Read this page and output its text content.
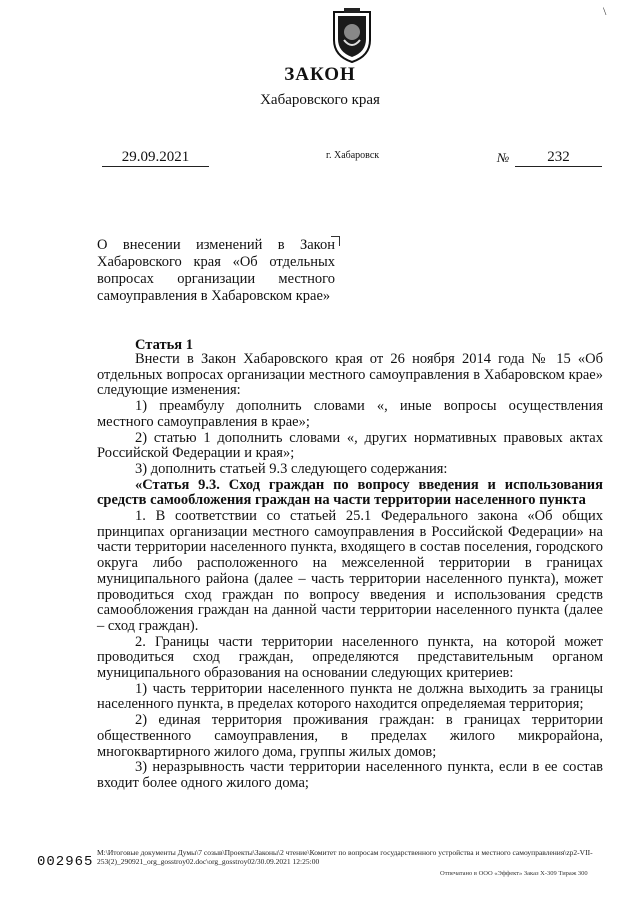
\
ЗАКОН
Хабаровского края
29.09.2021	г. Хабаровск	№	232
О внесении изменений в Закон Хабаровского края «Об отдельных вопросах организации местного самоуправления в Хабаровском крае»
Статья 1

Внести в Закон Хабаровского края от 26 ноября 2014 года № 15 «Об отдельных вопросах организации местного самоуправления в Хабаровском крае» следующие изменения:

1) преамбулу дополнить словами «, иные вопросы осуществления местного самоуправления в крае»;

2) статью 1 дополнить словами «, других нормативных правовых актах Российской Федерации и края»;

3) дополнить статьей 9.3 следующего содержания:

«Статья 9.3. Сход граждан по вопросу введения и использования средств самообложения граждан на части территории населенного пункта

1. В соответствии со статьей 25.1 Федерального закона «Об общих принципах организации местного самоуправления в Российской Федерации» на части территории населенного пункта, входящего в состав поселения, городского округа либо расположенного на межселенной территории в границах муниципального района (далее – часть территории населенного пункта), может проводиться сход граждан по вопросу введения и использования средств самообложения граждан на данной части территории населенного пункта (далее – сход граждан).

2. Границы части территории населенного пункта, на которой может проводиться сход граждан, определяются представительным органом муниципального образования на основании следующих критериев:

1) часть территории населенного пункта не должна выходить за границы населенного пункта, в пределах которого находится определяемая территория;

2) единая территория проживания граждан: в границах территории общественного самоуправления, в пределах жилого микрорайона, многоквартирного жилого дома, группы жилых домов;

3) неразрывность части территории населенного пункта, если в ее состав входит более одного жилого дома;

002965
M:\Итоговые документы Думы\7 созыв\Проекты\Законы\2 чтение\Комитет по вопросам государственного устройства и местного самоуправления\zp2-VII-253(2)_290921_org_gosstroy02.doc\org_gosstroy02/30.09.2021 12:25:00
Отпечатано в ООО «Эффект» Заказ Х-309 Тираж 300
